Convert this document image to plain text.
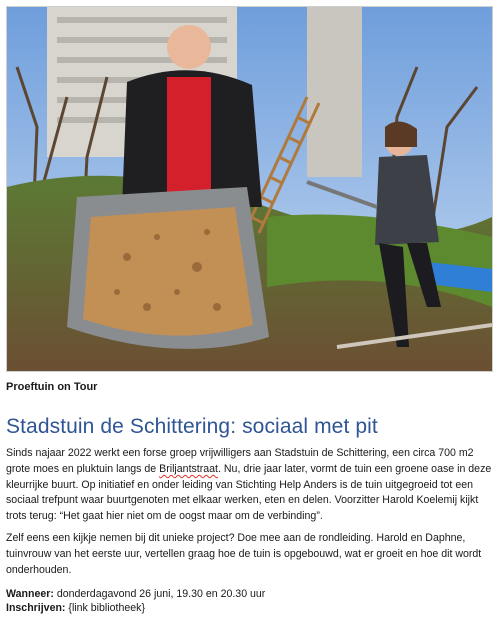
Proeftuin on Tour
Stadstuin de Schittering: sociaal met pit

Sinds najaar 2022 werkt een forse groep vrijwilligers aan Stadstuin de Schittering, een circa 700 m2 grote moes en pluktuin langs de Briljantstraat. Nu, drie jaar later, vormt de tuin een groene oase in deze kleurrijke buurt. Op initiatief en onder leiding van Stichting Help Anders is de tuin uitgegroeid tot een sociaal trefpunt waar buurtgenoten met elkaar werken, eten en delen. Voorzitter Harold Koelemij kijkt trots terug: “Het gaat hier niet om de oogst maar om de verbinding”.

Zelf eens een kijkje nemen bij dit unieke project? Doe mee aan de rondleiding. Harold en Daphne, tuinvrouw van het eerste uur, vertellen graag hoe de tuin is opgebouwd, wat er groeit en hoe dit wordt onderhouden.

Wanneer: donderdagavond 26 juni, 19.30 en 20.30 uur
Inschrijven: {link bibliotheek}
